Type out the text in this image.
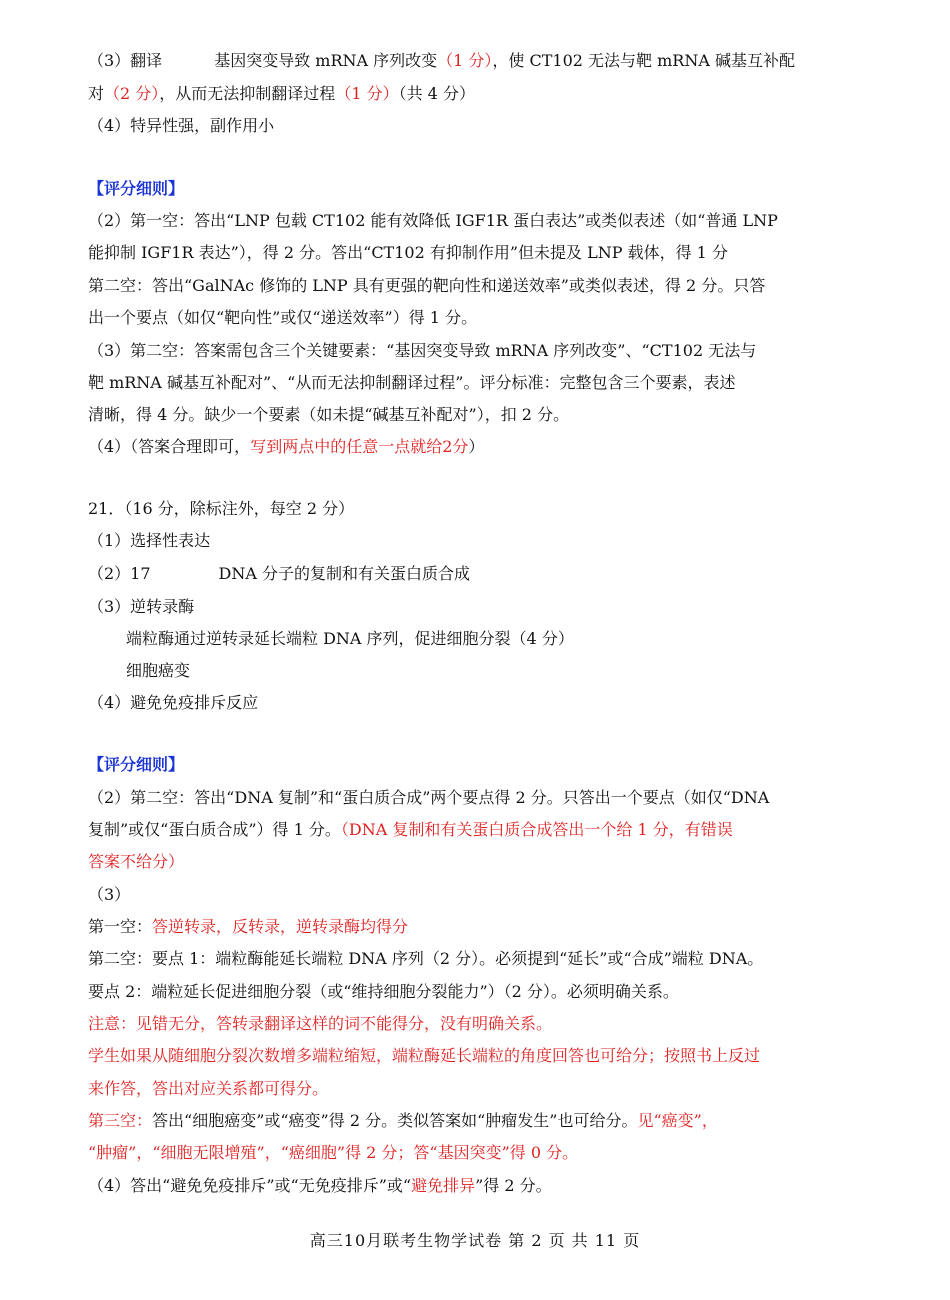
（3）翻译	基因突变导致 mRNA 序列改变（1 分），使 CT102 无法与靶 mRNA 碱基互补配
对（2 分），从而无法抑制翻译过程（1 分）（共 4 分）
（4）特异性强，副作用小
【评分细则】
（2）第一空：答出“LNP 包载 CT102 能有效降低 IGF1R 蛋白表达”或类似表述（如“普通 LNP
能抑制 IGF1R 表达”），得 2 分。答出“CT102 有抑制作用”但未提及 LNP 载体，得 1 分
第二空：答出“GalNAc 修饰的 LNP 具有更强的靶向性和递送效率”或类似表述，得 2 分。只答
出一个要点（如仅“靶向性”或仅“递送效率”）得 1 分。
（3）第二空：答案需包含三个关键要素：“基因突变导致 mRNA 序列改变”、“CT102 无法与
靶 mRNA 碱基互补配对”、“从而无法抑制翻译过程”。评分标准：完整包含三个要素，表述
清晰，得 4 分。缺少一个要素（如未提“碱基互补配对”），扣 2 分。
（4）（答案合理即可，写到两点中的任意一点就给2分）
21．（16 分，除标注外，每空 2 分）
（1）选择性表达
（2）17	DNA 分子的复制和有关蛋白质合成
（3）逆转录酶
端粒酶通过逆转录延长端粒 DNA 序列，促进细胞分裂（4 分）
细胞癌变
（4）避免免疫排斥反应
【评分细则】
（2）第二空：答出“DNA 复制”和“蛋白质合成”两个要点得 2 分。只答出一个要点（如仅“DNA
复制”或仅“蛋白质合成”）得 1 分。（DNA 复制和有关蛋白质合成答出一个给 1 分，有错误
答案不给分）
（3）
第一空：答逆转录，反转录，逆转录酶均得分
第二空：要点 1：端粒酶能延长端粒 DNA 序列（2 分）。必须提到“延长”或“合成”端粒 DNA。
要点 2：端粒延长促进细胞分裂（或“维持细胞分裂能力”）（2 分）。必须明确关系。
注意：见错无分，答转录翻译这样的词不能得分，没有明确关系。
学生如果从随细胞分裂次数增多端粒缩短，端粒酶延长端粒的角度回答也可给分；按照书上反过
来作答，答出对应关系都可得分。
第三空：答出“细胞癌变”或“癌变”得 2 分。类似答案如“肿瘤发生”也可给分。见“癌变”，
“肿瘤”，“细胞无限增殖”，“癌细胞”得 2 分；答“基因突变”得 0 分。
（4）答出“避免免疫排斥”或“无免疫排斥”或“避免排异”得 2 分。
高三10月联考生物学试卷 第 2 页 共 11 页
